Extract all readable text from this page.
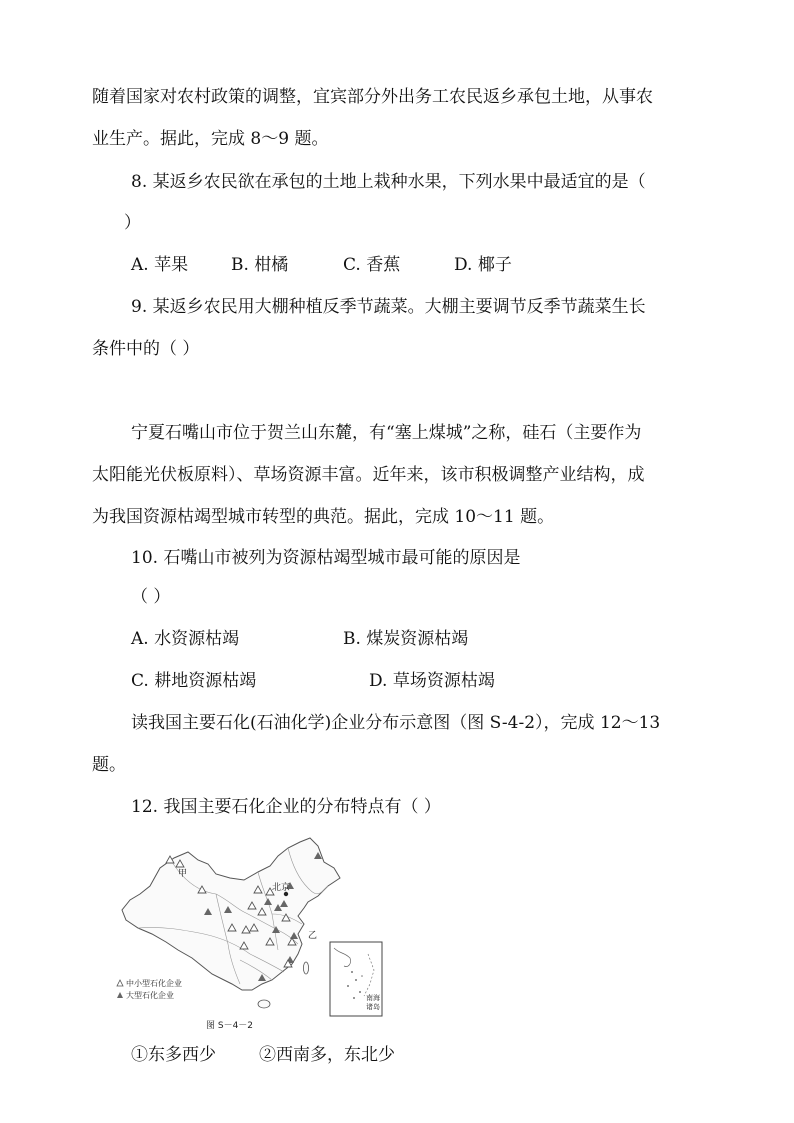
随着国家对农村政策的调整，宜宾部分外出务工农民返乡承包土地，从事农
业生产。据此，完成 8～9 题。
8. 某返乡农民欲在承包的土地上栽种水果，下列水果中最适宜的是（
）
A. 苹果	B. 柑橘	C. 香蕉	D. 椰子
9. 某返乡农民用大棚种植反季节蔬菜。大棚主要调节反季节蔬菜生长
条件中的（ ）
宁夏石嘴山市位于贺兰山东麓，有“塞上煤城”之称，硅石（主要作为
太阳能光伏板原料）、草场资源丰富。近年来，该市积极调整产业结构，成
为我国资源枯竭型城市转型的典范。据此，完成 10～11 题。
10. 石嘴山市被列为资源枯竭型城市最可能的原因是
（ ）
A. 水资源枯竭	B. 煤炭资源枯竭
C. 耕地资源枯竭	D. 草场资源枯竭
读我国主要石化(石油化学)企业分布示意图（图 S-4-2），完成 12～13
题。
12. 我国主要石化企业的分布特点有（ ）
甲
北京
乙
南海
诸岛
中小型石化企业
大型石化企业
图 S－4－2
①东多西少	②西南多，东北少
